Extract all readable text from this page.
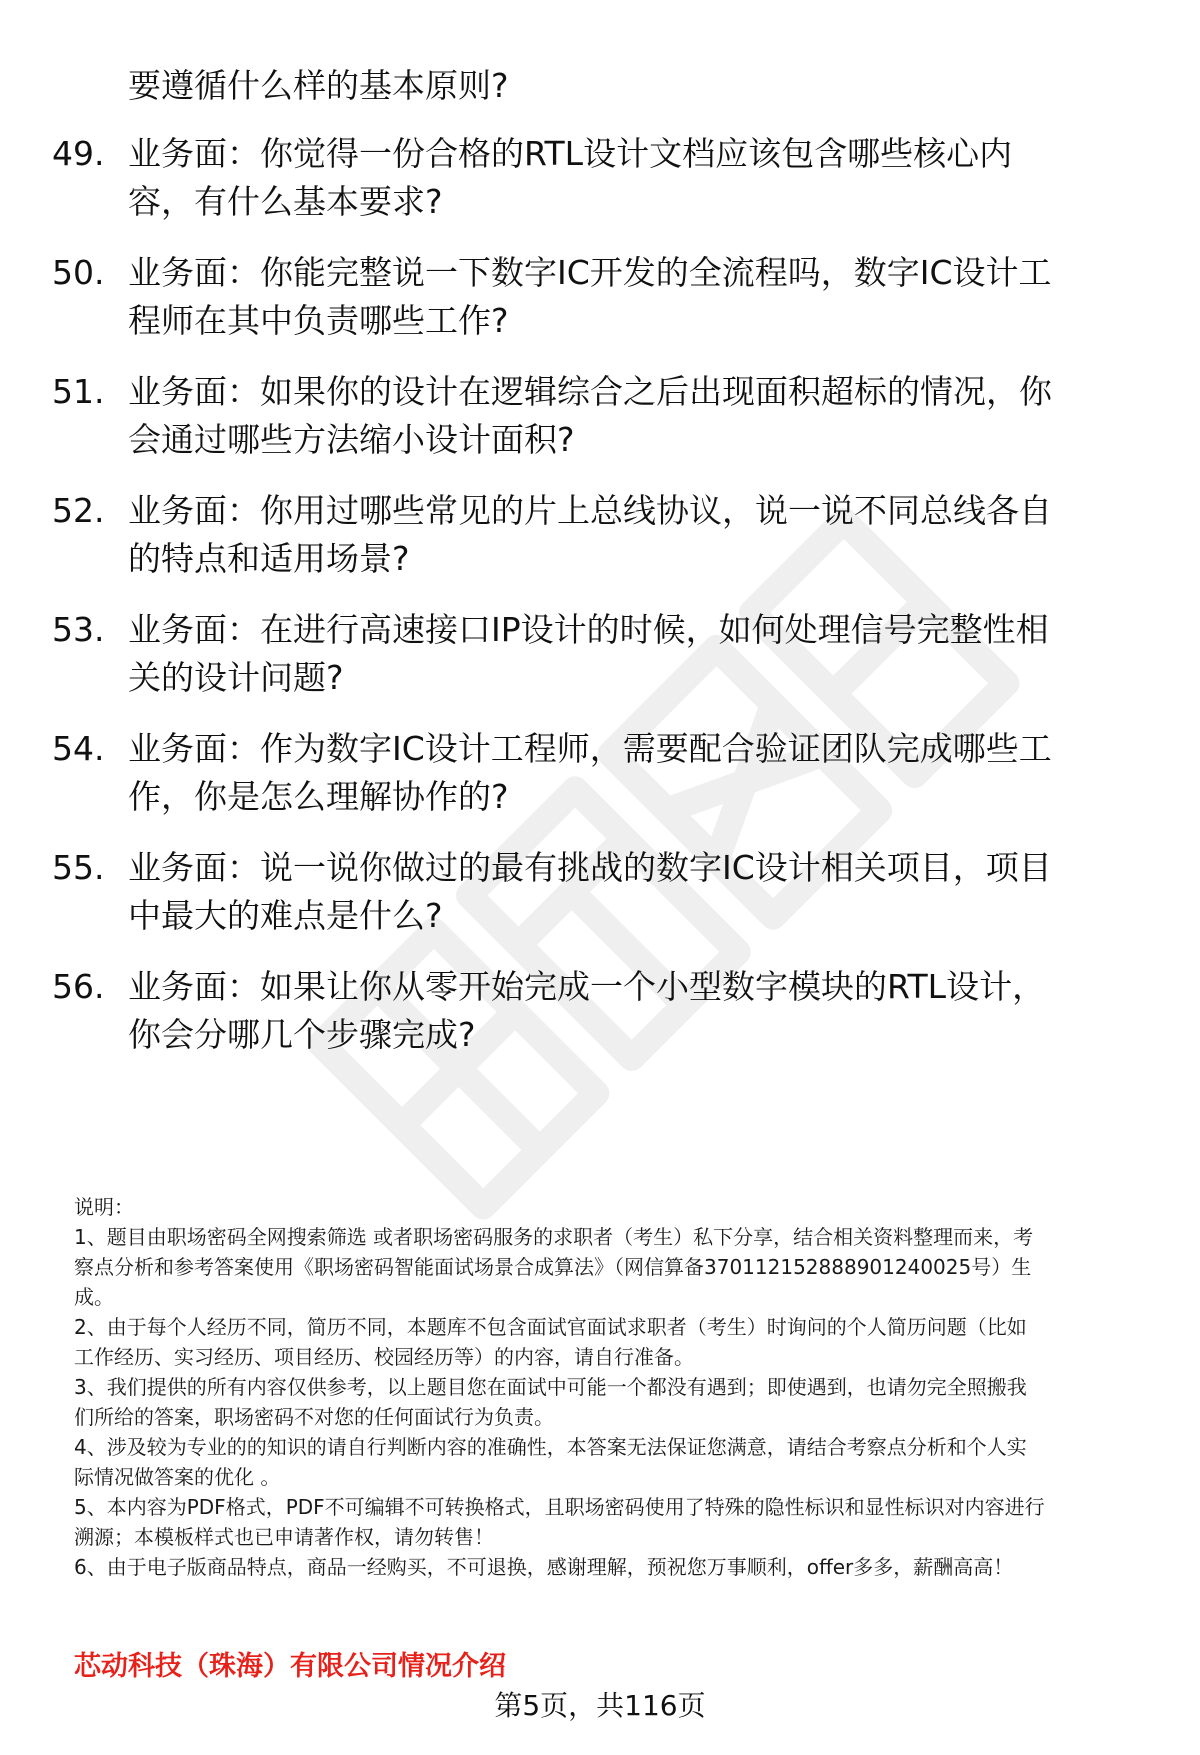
要遵循什么样的基本原则?
49. 业务面：你觉得一份合格的RTL设计文档应该包含哪些核心内
容，有什么基本要求?
50. 业务面：你能完整说一下数字IC开发的全流程吗，数字IC设计工
程师在其中负责哪些工作?
51. 业务面：如果你的设计在逻辑综合之后出现面积超标的情况，你
会通过哪些方法缩小设计面积?
52. 业务面：你用过哪些常见的片上总线协议，说一说不同总线各自
的特点和适用场景?
53. 业务面：在进行高速接口IP设计的时候，如何处理信号完整性相
关的设计问题?
54. 业务面：作为数字IC设计工程师，需要配合验证团队完成哪些工
作，你是怎么理解协作的?
55. 业务面：说一说你做过的最有挑战的数字IC设计相关项目，项目
中最大的难点是什么?
56. 业务面：如果让你从零开始完成一个小型数字模块的RTL设计，
你会分哪几个步骤完成?
说明：
1、题目由职场密码全网搜索筛选 或者职场密码服务的求职者（考生）私下分享，结合相关资料整理而来，考
察点分析和参考答案使用《职场密码智能面试场景合成算法》（网信算备370112152888901240025号）生
成。
2、由于每个人经历不同，简历不同，本题库不包含面试官面试求职者（考生）时询问的个人简历问题（比如
工作经历、实习经历、项目经历、校园经历等）的内容，请自行准备。
3、我们提供的所有内容仅供参考，以上题目您在面试中可能一个都没有遇到；即使遇到，也请勿完全照搬我
们所给的答案，职场密码不对您的任何面试行为负责。
4、涉及较为专业的的知识的请自行判断内容的准确性，本答案无法保证您满意，请结合考察点分析和个人实
际情况做答案的优化 。
5、本内容为PDF格式，PDF不可编辑不可转换格式，且职场密码使用了特殊的隐性标识和显性标识对内容进行
溯源；本模板样式也已申请著作权，请勿转售！
6、由于电子版商品特点，商品一经购买，不可退换，感谢理解，预祝您万事顺利，offer多多，薪酬高高！
芯动科技（珠海）有限公司情况介绍
第5页，共116页
